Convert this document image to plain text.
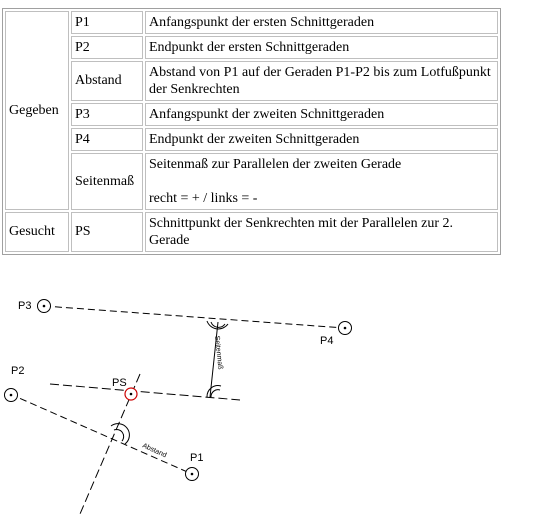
Gegeben	P1	Anfangspunkt der ersten Schnittgeraden
	P2	Endpunkt der ersten Schnittgeraden
	Abstand	Abstand von P1 auf der Geraden P1-P2 bis zum Lotfußpunkt der Senkrechten
	P3	Anfangspunkt der zweiten Schnittgeraden
	P4	Endpunkt der zweiten Schnittgeraden
	Seitenmaß	Seitenmaß zur Parallelen der zweiten Gerade
recht = + / links = -

Gesucht	PS	Schnittpunkt der Senkrechten mit der Parallelen zur 2. Gerade
P3
P4
P2
PS
P1
Seitenmaß
Abstand
